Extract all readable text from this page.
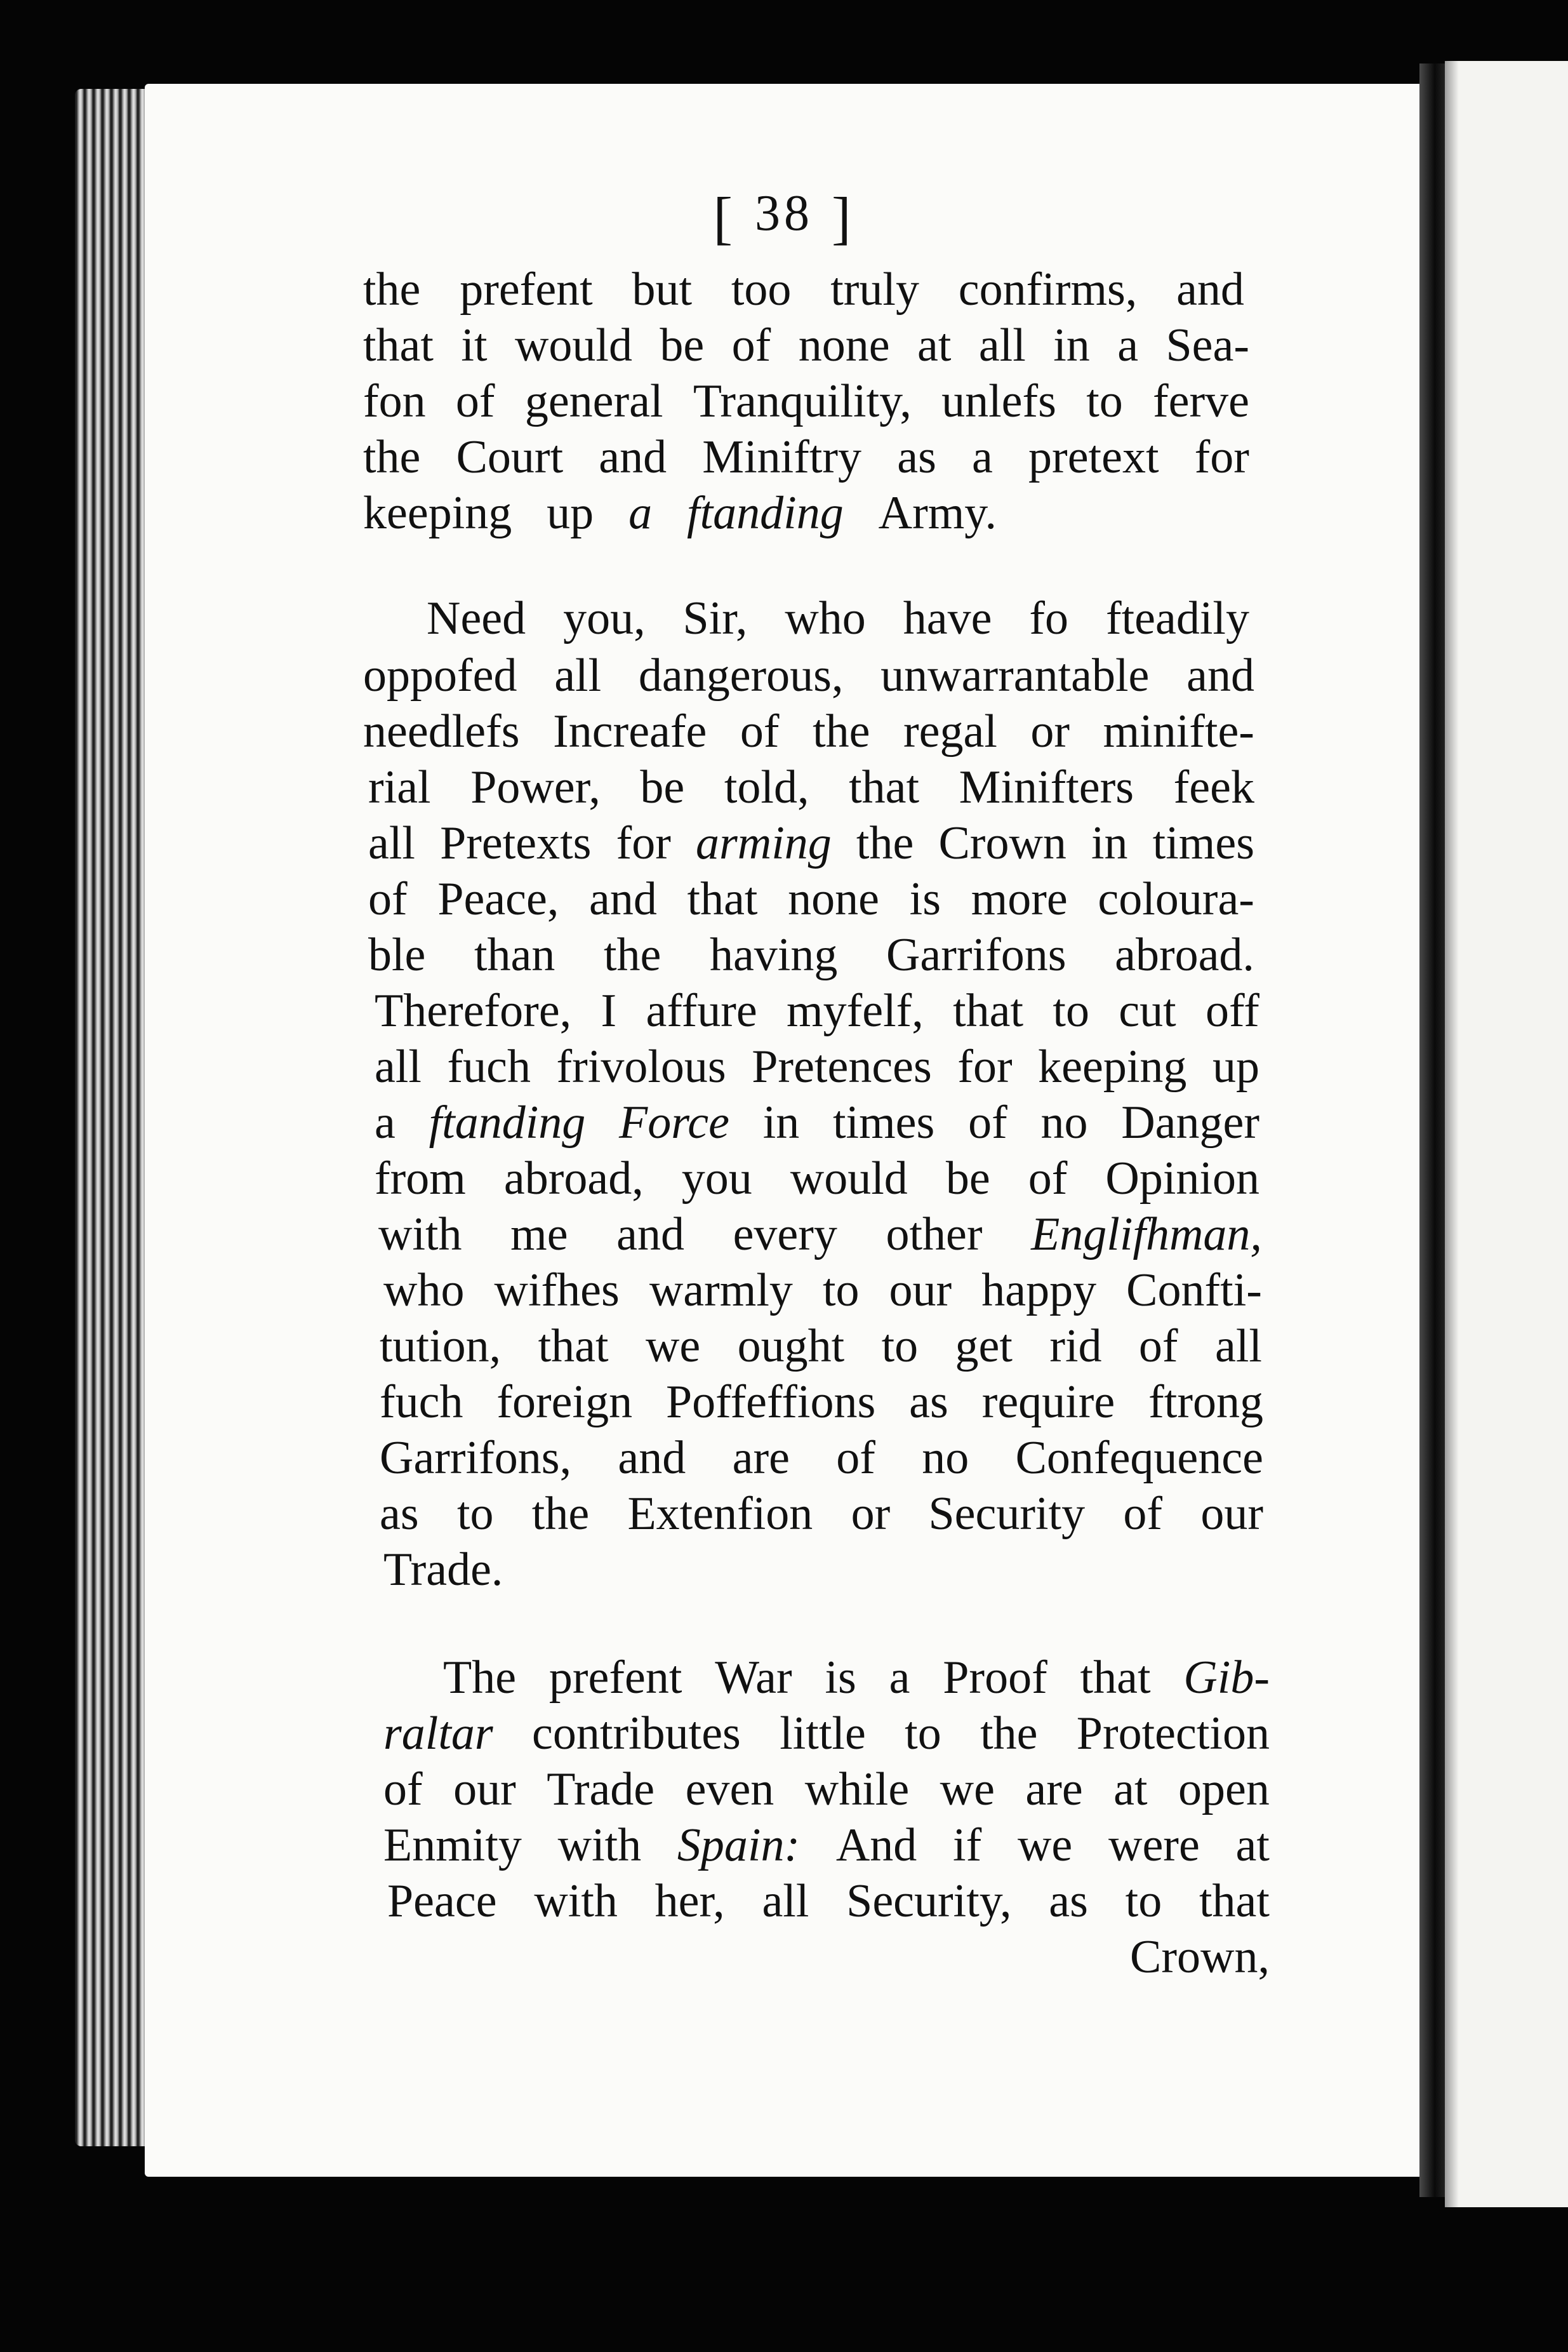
[ 38 ]
the prefent but too truly confirms, and
that it would be of none at all in a Sea-
fon of general Tranquility, unlefs to ferve
the Court and Miniftry as a pretext for
keeping up a ftanding Army.
Need you, Sir, who have fo fteadily
oppofed all dangerous, unwarrantable and
needlefs Increafe of the regal or minifte-
rial Power, be told, that Minifters feek
all Pretexts for arming the Crown in times
of Peace, and that none is more coloura-
ble than the having Garrifons abroad.
Therefore, I affure myfelf, that to cut off
all fuch frivolous Pretences for keeping up
a ftanding Force in times of no Danger
from abroad, you would be of Opinion
with me and every other Englifhman,
who wifhes warmly to our happy Confti-
tution, that we ought to get rid of all
fuch foreign Poffeffions as require ftrong
Garrifons, and are of no Confequence
as to the Extenfion or Security of our
Trade.
The prefent War is a Proof that Gib-
raltar contributes little to the Protection
of our Trade even while we are at open
Enmity with Spain: And if we were at
Peace with her, all Security, as to that
Crown,
